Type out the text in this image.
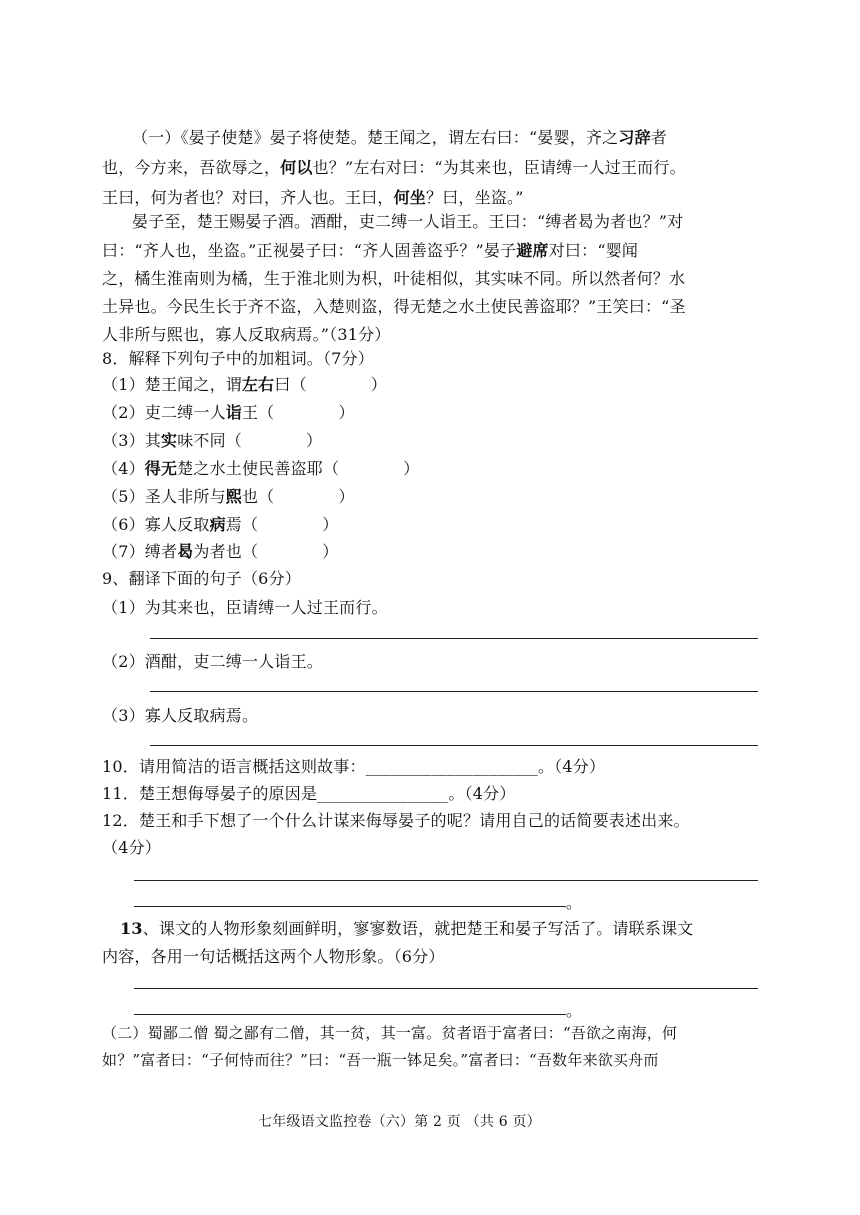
（一）《晏子使楚》晏子将使楚。楚王闻之，谓左右曰：“晏婴，齐之习辞者
也，今方来，吾欲辱之，何以也？”左右对曰：“为其来也，臣请缚一人过王而行。
王曰，何为者也？对曰，齐人也。王曰，何坐？曰，坐盗。”
晏子至，楚王赐晏子酒。酒酣，吏二缚一人诣王。王曰：“缚者曷为者也？”对
曰：“齐人也，坐盗。”正视晏子曰：“齐人固善盗乎？”晏子避席对曰：“婴闻
之，橘生淮南则为橘，生于淮北则为枳，叶徒相似，其实味不同。所以然者何？水
土异也。今民生长于齐不盗，入楚则盗，得无楚之水土使民善盗耶？”王笑曰：“圣
人非所与熙也，寡人反取病焉。”（31分）
8．解释下列句子中的加粗词。（7分）
（1）楚王闻之，谓左右曰（	）
（2）吏二缚一人诣王（	）
（3）其实味不同（	）
（4）得无楚之水土使民善盗耶（	）
（5）圣人非所与熙也（	）
（6）寡人反取病焉（	）
（7）缚者曷为者也（	）
9、翻译下面的句子（6分）
（1）为其来也，臣请缚一人过王而行。
（2）酒酣，吏二缚一人诣王。
（3）寡人反取病焉。
10．请用简洁的语言概括这则故事：_____________________。（4分）
11．楚王想侮辱晏子的原因是________________。（4分）
12．楚王和手下想了一个什么计谋来侮辱晏子的呢？请用自己的话简要表述出来。
（4分）
。
13、课文的人物形象刻画鲜明，寥寥数语，就把楚王和晏子写活了。请联系课文
内容，各用一句话概括这两个人物形象。（6分）
。
（二）蜀鄙二僧 蜀之鄙有二僧，其一贫，其一富。贫者语于富者曰：“吾欲之南海，何
如？”富者曰：“子何恃而往？”曰：“吾一瓶一钵足矣。”富者曰：“吾数年来欲买舟而
七年级语文监控卷（六）第 2 页 （共 6 页）
